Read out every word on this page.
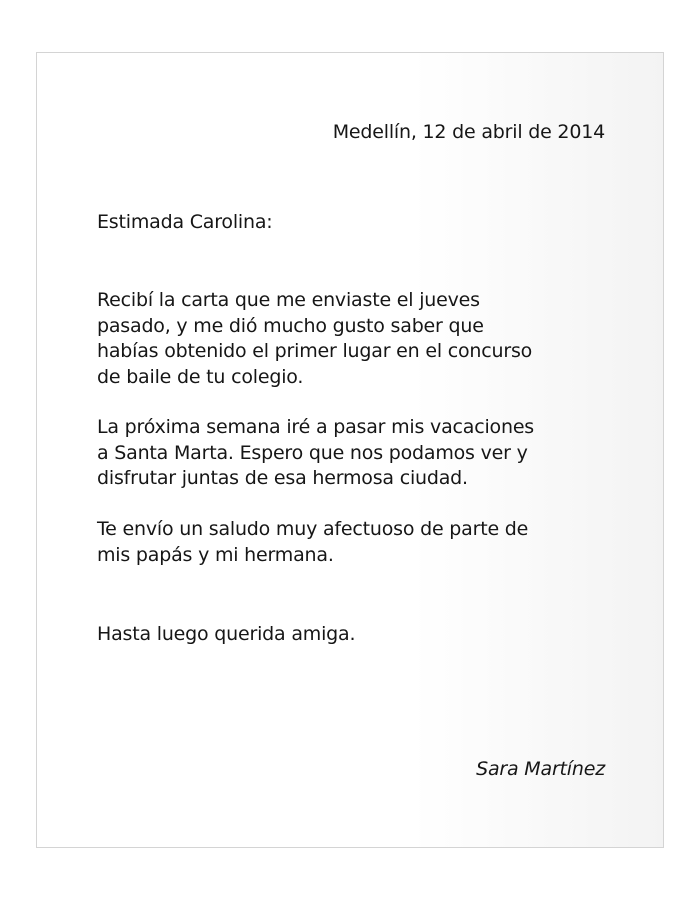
Medellín, 12 de abril de 2014
Estimada Carolina:
Recibí la carta que me enviaste el jueves
pasado, y me dió mucho gusto saber que
habías obtenido el primer lugar en el concurso
de baile de tu colegio.
La próxima semana iré a pasar mis vacaciones
a Santa Marta. Espero que nos podamos ver y
disfrutar juntas de esa hermosa ciudad.
Te envío un saludo muy afectuoso de parte de
mis papás y mi hermana.
Hasta luego querida amiga.
Sara Martínez
